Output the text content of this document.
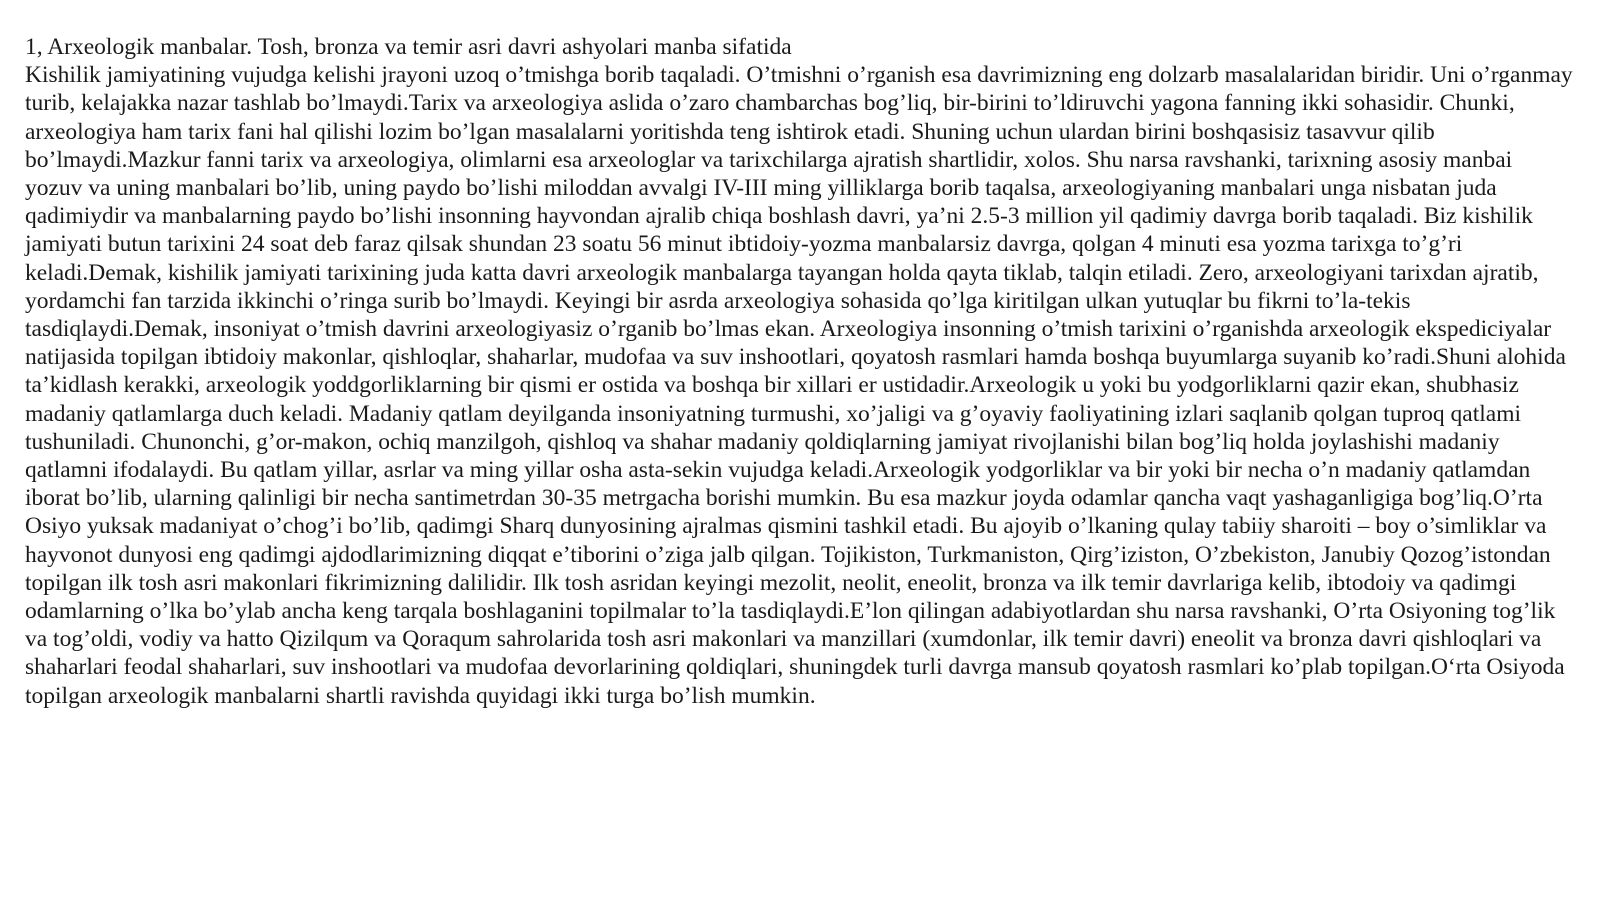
1, Arxeologik manbalar. Tosh, bronza va temir asri davri ashyolari manba sifatida

Kishilik jamiyatining vujudga kelishi jrayoni uzoq o’tmishga borib taqaladi. O’tmishni o’rganish esa davrimizning eng dolzarb masalalaridan biridir. Uni o’rganmay turib, kelajakka nazar tashlab bo’lmaydi.Tarix va arxeologiya aslida o’zaro chambarchas bog’liq, bir-birini to’ldiruvchi yagona fanning ikki sohasidir. Chunki, arxeologiya ham tarix fani hal qilishi lozim bo’lgan masalalarni yoritishda teng ishtirok etadi. Shuning uchun ulardan birini boshqasisiz tasavvur qilib bo’lmaydi.Mazkur fanni tarix va arxeologiya, olimlarni esa arxeologlar va tarixchilarga ajratish shartlidir, xolos. Shu narsa ravshanki, tarixning asosiy manbai yozuv va uning manbalari bo’lib, uning paydo bo’lishi miloddan avvalgi IV-III ming yilliklarga borib taqalsa, arxeologiyaning manbalari unga nisbatan juda qadimiydir va manbalarning paydo bo’lishi insonning hayvondan ajralib chiqa boshlash davri, ya’ni 2.5-3 million yil qadimiy davrga borib taqaladi. Biz kishilik jamiyati butun tarixini 24 soat deb faraz qilsak shundan 23 soatu 56 minut ibtidoiy-yozma manbalarsiz davrga, qolgan 4 minuti esa yozma tarixga to’g’ri keladi.Demak, kishilik jamiyati tarixining juda katta davri arxeologik manbalarga tayangan holda qayta tiklab, talqin etiladi. Zero, arxeologiyani tarixdan ajratib, yordamchi fan tarzida ikkinchi o’ringa surib bo’lmaydi. Keyingi bir asrda arxeologiya sohasida qo’lga kiritilgan ulkan yutuqlar bu fikrni to’la-tekis tasdiqlaydi.Demak, insoniyat o’tmish davrini arxeologiyasiz o’rganib bo’lmas ekan. Arxeologiya insonning o’tmish tarixini o’rganishda arxeologik ekspediciyalar natijasida topilgan ibtidoiy makonlar, qishloqlar, shaharlar, mudofaa va suv inshootlari, qoyatosh rasmlari hamda boshqa buyumlarga suyanib ko’radi.Shuni alohida ta’kidlash kerakki, arxeologik yoddgorliklarning bir qismi er ostida va boshqa bir xillari er ustidadir.Arxeologik u yoki bu yodgorliklarni qazir ekan, shubhasiz madaniy qatlamlarga duch keladi. Madaniy qatlam deyilganda insoniyatning turmushi, xo’jaligi va g’oyaviy faoliyatining izlari saqlanib qolgan tuproq qatlami tushuniladi. Chunonchi, g’or-makon, ochiq manzilgoh, qishloq va shahar madaniy qoldiqlarning jamiyat rivojlanishi bilan bog’liq holda joylashishi madaniy qatlamni ifodalaydi. Bu qatlam yillar, asrlar va ming yillar osha asta-sekin vujudga keladi.Arxeologik yodgorliklar va bir yoki bir necha o’n madaniy qatlamdan iborat bo’lib, ularning qalinligi bir necha santimetrdan 30-35 metrgacha borishi mumkin. Bu esa mazkur joyda odamlar qancha vaqt yashaganligiga bog’liq.O’rta Osiyo yuksak madaniyat o’chog’i bo’lib, qadimgi Sharq dunyosining ajralmas qismini tashkil etadi. Bu ajoyib o’lkaning qulay tabiiy sharoiti – boy o’simliklar va hayvonot dunyosi eng qadimgi ajdodlarimizning diqqat e’tiborini o’ziga jalb qilgan. Tojikiston, Turkmaniston, Qirg’iziston, O’zbekiston, Janubiy Qozog’istondan topilgan ilk tosh asri makonlari fikrimizning dalilidir. Ilk tosh asridan keyingi mezolit, neolit, eneolit, bronza va ilk temir davrlariga kelib, ibtodoiy va qadimgi odamlarning o’lka bo’ylab ancha keng tarqala boshlaganini topilmalar to’la tasdiqlaydi.E’lon qilingan adabiyotlardan shu narsa ravshanki, O’rta Osiyoning tog’lik va tog’oldi, vodiy va hatto Qizilqum va Qoraqum sahrolarida tosh asri makonlari va manzillari (xumdonlar, ilk temir davri) eneolit va bronza davri qishloqlari va shaharlari feodal shaharlari, suv inshootlari va mudofaa devorlarining qoldiqlari, shuningdek turli davrga mansub qoyatosh rasmlari ko’plab topilgan.O‘rta Osiyoda topilgan arxeologik manbalarni shartli ravishda quyidagi ikki turga bo’lish mumkin.
